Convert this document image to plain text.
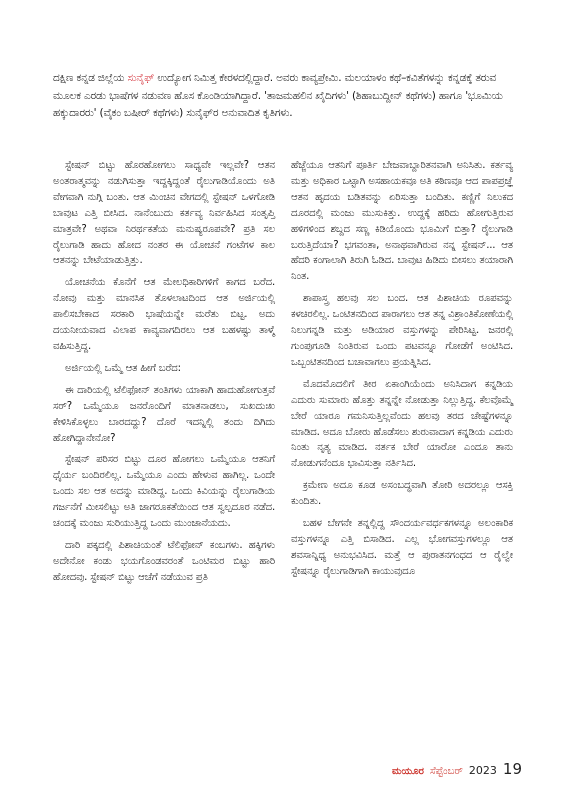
ದಕ್ಷಿಣ ಕನ್ನಡ ಜಿಲ್ಲೆಯ ಸುನೈಫ್ ಉದ್ಯೋಗ ನಿಮಿತ್ತ ಕೇರಳದಲ್ಲಿದ್ದಾರೆ. ಅವರು ಕಾವ್ಯಪ್ರೇಮಿ. ಮಲಯಾಳಂ ಕಥೆ–ಕವಿತೆಗಳನ್ನು ಕನ್ನಡಕ್ಕೆ ತರುವ ಮೂಲಕ ಎರಡು ಭಾಷೆಗಳ ನಡುವಣ ಹೊಸ ಕೊಂಡಿಯಾಗಿದ್ದಾರೆ. 'ತಾಜಮಹಲಿನ ಖೈದಿಗಳು' (ಶಿಹಾಬುದ್ದೀನ್ ಕಥೆಗಳು) ಹಾಗೂ 'ಭೂಮಿಯ ಹಕ್ಕುದಾರರು' (ವೈಕಂ ಬಷೀರ್ ಕಥೆಗಳು) ಸುನೈಫ್‌ರ ಅನುವಾದಿತ ಕೃತಿಗಳು.

ಸ್ಟೇಷನ್ ಬಿಟ್ಟು ಹೊರಹೋಗಲು ಸಾಧ್ಯವೇ ಇಲ್ಲವೇ? ಆತನ ಅಂತರಾತ್ಮವನ್ನು ನಡುಗಿಸುತ್ತಾ ಇದ್ದಕ್ಕಿದ್ದಂತೆ ರೈಲುಗಾಡಿಯೊಂದು ಅತಿ ವೇಗವಾಗಿ ನುಗ್ಗಿ ಬಂತು. ಆತ ಮಿಂಚಿನ ವೇಗದಲ್ಲಿ ಸ್ಟೇಷನ್ ಒಳಗೋಡಿ ಬಾವುಟ ಎತ್ತಿ ಬೀಸಿದ. ನಾನೆಂಬುದು ಕರ್ತವ್ಯ ನಿರ್ವಹಿಸಿದ ಸಂತೃಪ್ತಿ ಮಾತ್ರವೇ? ಅಥವಾ ನಿರರ್ಥಕತೆಯ ಮನುಷ್ಯರೂಪವೇ? ಪ್ರತಿ ಸಲ ರೈಲುಗಾಡಿ ಹಾದು ಹೋದ ನಂತರ ಈ ಯೋಚನೆ ಗಂಟೆಗಳ ಕಾಲ ಆತನನ್ನು ಬೇಟೆಯಾಡುತ್ತಿತ್ತು.

ಯೋಚನೆಯ ಕೊನೆಗೆ ಆತ ಮೇಲಧಿಕಾರಿಗಳಿಗೆ ಕಾಗದ ಬರೆದ. ನೋವು ಮತ್ತು ಮಾನಸಿಕ ತೊಳಲಾಟದಿಂದ ಆತ ಅರ್ಜಿಯಲ್ಲಿ ಪಾಲಿಸಬೇಕಾದ ಸರಕಾರಿ ಭಾಷೆಯನ್ನೇ ಮರೆತು ಬಿಟ್ಟ. ಅದು ದಯನೀಯವಾದ ವಿಲಾಪ ಕಾವ್ಯವಾಗದಿರಲು ಆತ ಬಹಳಷ್ಟು ತಾಳ್ಮೆ ವಹಿಸುತ್ತಿದ್ದ.

ಅರ್ಜಿಯಲ್ಲಿ ಒಮ್ಮೆ ಆತ ಹೀಗೆ ಬರೆದ:

ಈ ದಾರಿಯಲ್ಲಿ ಟೆಲಿಫೋನ್ ತಂತಿಗಳು ಯಾಕಾಗಿ ಹಾದುಹೋಗುತ್ತವೆ ಸರ್? ಒಮ್ಮೆಯೂ ಜನರೊಂದಿಗೆ ಮಾತನಾಡಲು, ಸುಖದುಃಖ ಕೇಳಿಸಿಕೊಳ್ಳಲು ಬಾರದದ್ದು? ದೊರೆ ಇದನ್ನಿಲ್ಲಿ ತಂದು ದಿಗಿದು ಹೋಗಿದ್ದಾನೇನೋ?

ಸ್ಟೇಷನ್ ಪರಿಸರ ಬಿಟ್ಟು ದೂರ ಹೋಗಲು ಒಮ್ಮೆಯೂ ಆತನಿಗೆ ಧೈರ್ಯ ಬಂದಿರಲಿಲ್ಲ. ಒಮ್ಮೆಯೂ ಎಂದು ಹೇಳುವ ಹಾಗಿಲ್ಲ. ಒಂದೇ ಒಂದು ಸಲ ಆತ ಅದನ್ನು ಮಾಡಿದ್ದ. ಒಂದು ಕಿವಿಯನ್ನು ರೈಲುಗಾಡಿಯ ಗರ್ಜನೆಗೆ ಮೀಸಲಿಟ್ಟು ಅತಿ ಜಾಗರೂಕತೆಯಿಂದ ಆತ ಸ್ವಲ್ಪದೂರ ನಡೆದ. ಚಂದಕ್ಕೆ ಮಂಜು ಸುರಿಯುತ್ತಿದ್ದ ಒಂದು ಮುಂಜಾನೆಯದು.

ದಾರಿ ಪಕ್ಕದಲ್ಲಿ ಪಿಶಾಚಿಯಂತೆ ಟೆಲಿಫೋನ್ ಕಂಬಗಳು. ಹಕ್ಕಿಗಳು ಅದೇನೋ ಕಂಡು ಭಯಗೊಂಡವರಂತೆ ಒಂಟಿಮರ ಬಿಟ್ಟು ಹಾರಿ ಹೋದವು. ಸ್ಟೇಷನ್ ಬಿಟ್ಟು ಆಚೆಗೆ ನಡೆಯುವ ಪ್ರತಿ

ಹೆಜ್ಜೆಯೂ ಆತನಿಗೆ ಪೂರ್ತಿ ಬೇಜವಾಬ್ದಾರಿತನವಾಗಿ ಅನಿಸಿತು. ಕರ್ತವ್ಯ ಮತ್ತು ಅಧಿಕಾರ ಒಟ್ಟಾಗಿ ಅಸಹಾಯಕವೂ ಅತಿ ಕಠಿಣವೂ ಆದ ಪಾಪಪ್ರಜ್ಞೆ ಆತನ ಹೃದಯ ಬಡಿತವನ್ನು ಏರಿಸುತ್ತಾ ಬಂದಿತು. ಕಣ್ಣಿಗೆ ನಿಲುಕದ ದೂರದಲ್ಲಿ ಮಂಜು ಮುಸುಕಿತ್ತು. ಉದ್ದಕ್ಕೆ ಹರಿದು ಹೋಗುತ್ತಿರುವ ಹಳಿಗಳಿಂದ ಶಬ್ದದ ಸಣ್ಣ ಕಿಡಿಯೊಂದು ಭೂಮಿಗೆ ಬಿತ್ತಾ? ರೈಲುಗಾಡಿ ಬರುತ್ತಿದೆಯಾ? ಭಗವಂತಾ, ಅನಾಥವಾಗಿರುವ ನನ್ನ ಸ್ಟೇಷನ್... ಆತ ಹೆದರಿ ಕಂಗಾಲಾಗಿ ತಿರುಗಿ ಓಡಿದ. ಬಾವುಟ ಹಿಡಿದು ಬೀಸಲು ತಯಾರಾಗಿ ನಿಂತ.

ಶಾಪಾಸ್ತ್ರ ಹಲವು ಸಲ ಬಂದ. ಆತ ಪಿಶಾಚಿಯ ರೂಪವನ್ನು ಕಳಚಿರಲಿಲ್ಲ. ಒಂಟಿತನದಿಂದ ಪಾರಾಗಲು ಆತ ತನ್ನ ವಿಶ್ರಾಂತಿಕೋಣೆಯಲ್ಲಿ ನಿಲುಗನ್ನಡಿ ಮತ್ತು ಅಡಿಯಾರ ವಸ್ತುಗಳನ್ನು ಪೇರಿಸಿಟ್ಟ. ಜನರಲ್ಲಿ ಗುಂಪುಗೂಡಿ ನಿಂತಿರುವ ಒಂದು ಪಟವನ್ನೂ ಗೋಡೆಗೆ ಅಂಟಿಸಿದ. ಒಬ್ಬಂಟಿತನದಿಂದ ಬಚಾವಾಗಲು ಪ್ರಯತ್ನಿಸಿದ.

ಮೊದಮೊದಲಿಗೆ ತೀರ ಏಕಾಂಗಿಯೆಂದು ಅನಿಸಿದಾಗ ಕನ್ನಡಿಯ ಎದುರು ಸುಮಾರು ಹೊತ್ತು ತನ್ನನ್ನೇ ನೋಡುತ್ತಾ ನಿಲ್ಲುತ್ತಿದ್ದ. ಕೆಲವೊಮ್ಮೆ ಬೇರೆ ಯಾರೂ ಗಮನಿಸುತ್ತಿಲ್ಲವೆಂದು ಹಲವು ತರದ ಚೇಷ್ಟೆಗಳನ್ನೂ ಮಾಡಿದ. ಅದೂ ಬೋರು ಹೊಡೆಸಲು ಶುರುವಾದಾಗ ಕನ್ನಡಿಯ ಎದುರು ನಿಂತು ನೃತ್ಯ ಮಾಡಿದ. ನರ್ತಕ ಬೇರೆ ಯಾರೋ ಎಂದೂ ತಾನು ನೋಡುಗನೆಂದೂ ಭಾವಿಸುತ್ತಾ ನರ್ತಿಸಿದ.

ಕ್ರಮೇಣ ಅದೂ ಕೂಡ ಅಸಂಬದ್ಧವಾಗಿ ತೋರಿ ಅದರಲ್ಲೂ ಆಸಕ್ತಿ ಕುಂದಿತು.

ಬಹಳ ಬೇಗನೇ ತನ್ನಲ್ಲಿದ್ದ ಸೌಂದರ್ಯವರ್ಧಕಗಳನ್ನೂ ಅಲಂಕಾರಿಕ ವಸ್ತುಗಳನ್ನೂ ಎತ್ತಿ ಬಿಸಾಡಿದ. ಎಲ್ಲ ಭೋಗವಸ್ತುಗಳಲ್ಲೂ ಆತ ಶವಸಾನ್ನಿಧ್ಯ ಅನುಭವಿಸಿದ. ಮತ್ತೆ ಆ ಪುರಾತನಗಂಧದ ಆ ರೈಲ್ವೇ ಸ್ಟೇಷನ್ನೂ ರೈಲುಗಾಡಿಗಾಗಿ ಕಾಯುವುದೂ

ಮಯೂರ ಸೆಪ್ಟೆಂಬರ್ 2023 19
